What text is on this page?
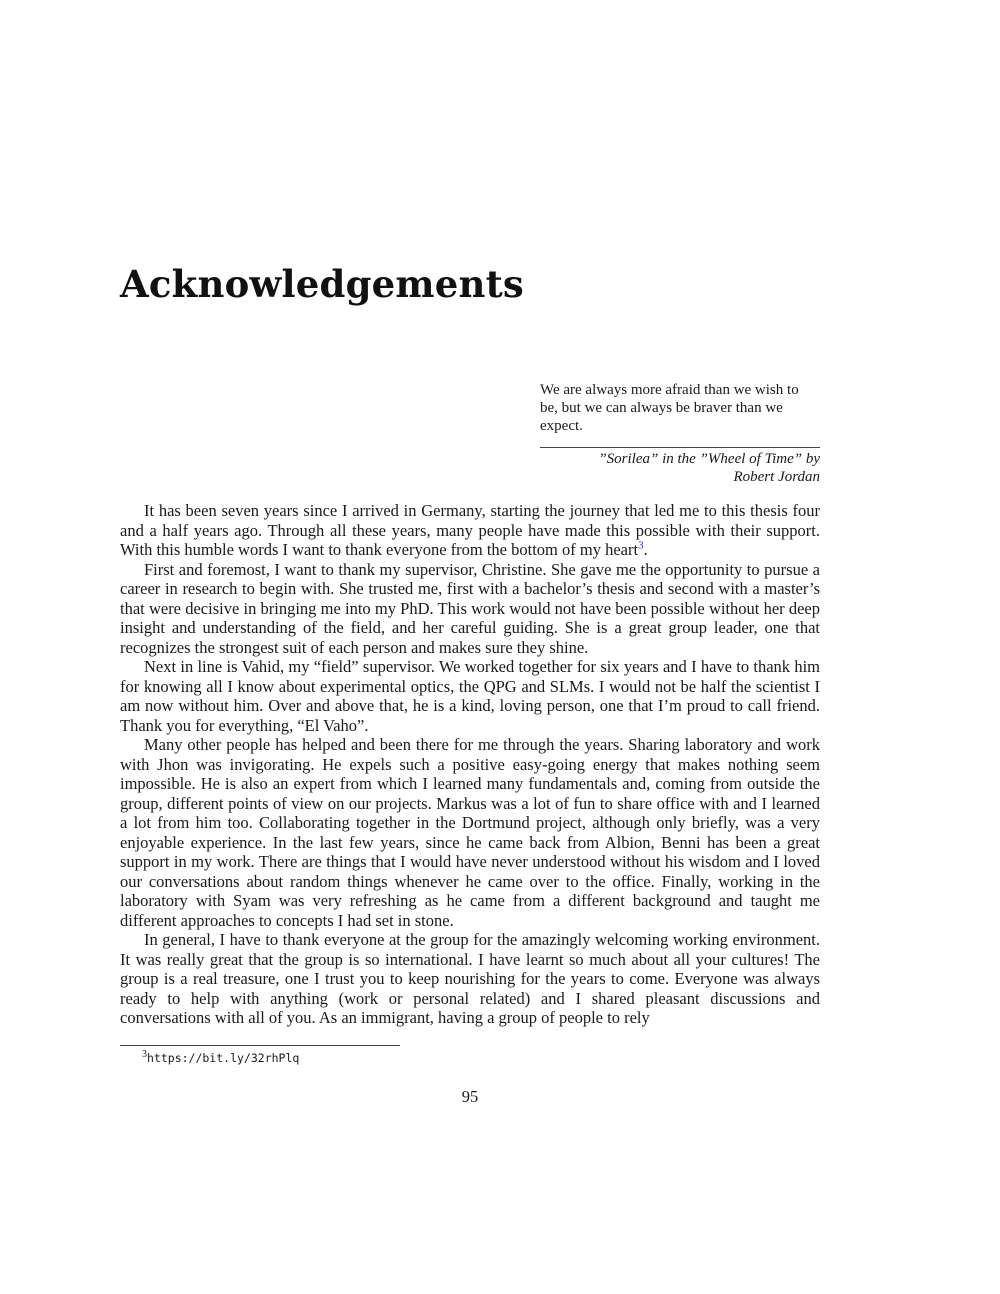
Acknowledgements

We are always more afraid than we wish to be, but we can always be braver than we expect.

”Sorilea” in the ”Wheel of Time” by
Robert Jordan

It has been seven years since I arrived in Germany, starting the journey that led me to this thesis four and a half years ago. Through all these years, many people have made this possible with their support. With this humble words I want to thank everyone from the bottom of my heart$^3$.

First and foremost, I want to thank my supervisor, Christine. She gave me the opportunity to pursue a career in research to begin with. She trusted me, first with a bachelor’s thesis and second with a master’s that were decisive in bringing me into my PhD. This work would not have been possible without her deep insight and understanding of the field, and her careful guiding. She is a great group leader, one that recognizes the strongest suit of each person and makes sure they shine.

Next in line is Vahid, my “field” supervisor. We worked together for six years and I have to thank him for knowing all I know about experimental optics, the QPG and SLMs. I would not be half the scientist I am now without him. Over and above that, he is a kind, loving person, one that I’m proud to call friend. Thank you for everything, “El Vaho”.

Many other people has helped and been there for me through the years. Sharing laboratory and work with Jhon was invigorating. He expels such a positive easy-going energy that makes nothing seem impossible. He is also an expert from which I learned many fundamentals and, coming from outside the group, different points of view on our projects. Markus was a lot of fun to share office with and I learned a lot from him too. Collaborating together in the Dortmund project, although only briefly, was a very enjoyable experience. In the last few years, since he came back from Albion, Benni has been a great support in my work. There are things that I would have never understood without his wisdom and I loved our conversations about random things whenever he came over to the office. Finally, working in the laboratory with Syam was very refreshing as he came from a different background and taught me different approaches to concepts I had set in stone.

In general, I have to thank everyone at the group for the amazingly welcoming working environment. It was really great that the group is so international. I have learnt so much about all your cultures! The group is a real treasure, one I trust you to keep nourishing for the years to come. Everyone was always ready to help with anything (work or personal related) and I shared pleasant discussions and conversations with all of you. As an immigrant, having a group of people to rely

$^3$https://bit.ly/32rhPlq
95
